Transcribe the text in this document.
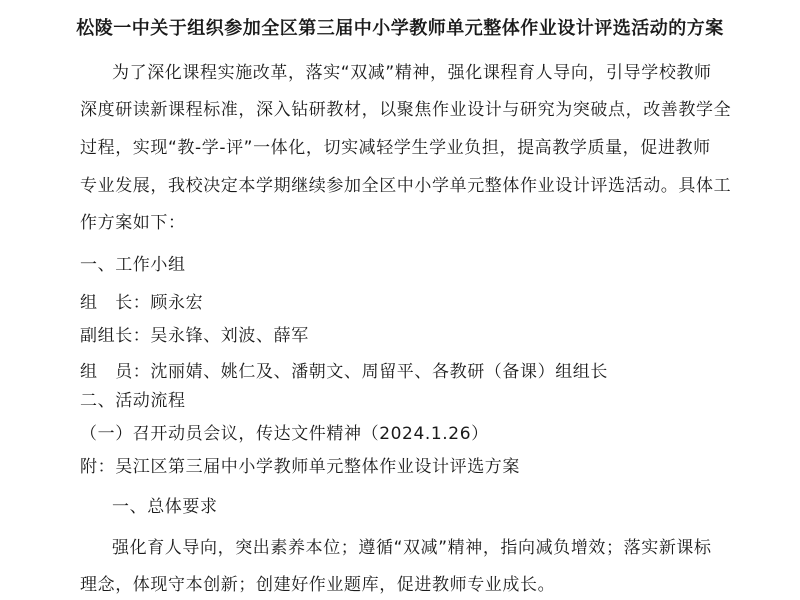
松陵一中关于组织参加全区第三届中小学教师单元整体作业设计评选活动的方案
为了深化课程实施改革，落实“双减”精神，强化课程育人导向，引导学校教师
深度研读新课程标准，深入钻研教材，以聚焦作业设计与研究为突破点，改善教学全
过程，实现“教-学-评”一体化，切实减轻学生学业负担，提高教学质量，促进教师
专业发展，我校决定本学期继续参加全区中小学单元整体作业设计评选活动。具体工
作方案如下：
一、工作小组
组　长：顾永宏
副组长：吴永锋、刘波、薛军
组　员：沈丽婧、姚仁及、潘朝文、周留平、各教研（备课）组组长
二、活动流程
（一）召开动员会议，传达文件精神（2024.1.26）
附：吴江区第三届中小学教师单元整体作业设计评选方案
一、总体要求
强化育人导向，突出素养本位；遵循“双减”精神，指向减负增效；落实新课标
理念，体现守本创新；创建好作业题库，促进教师专业成长。
